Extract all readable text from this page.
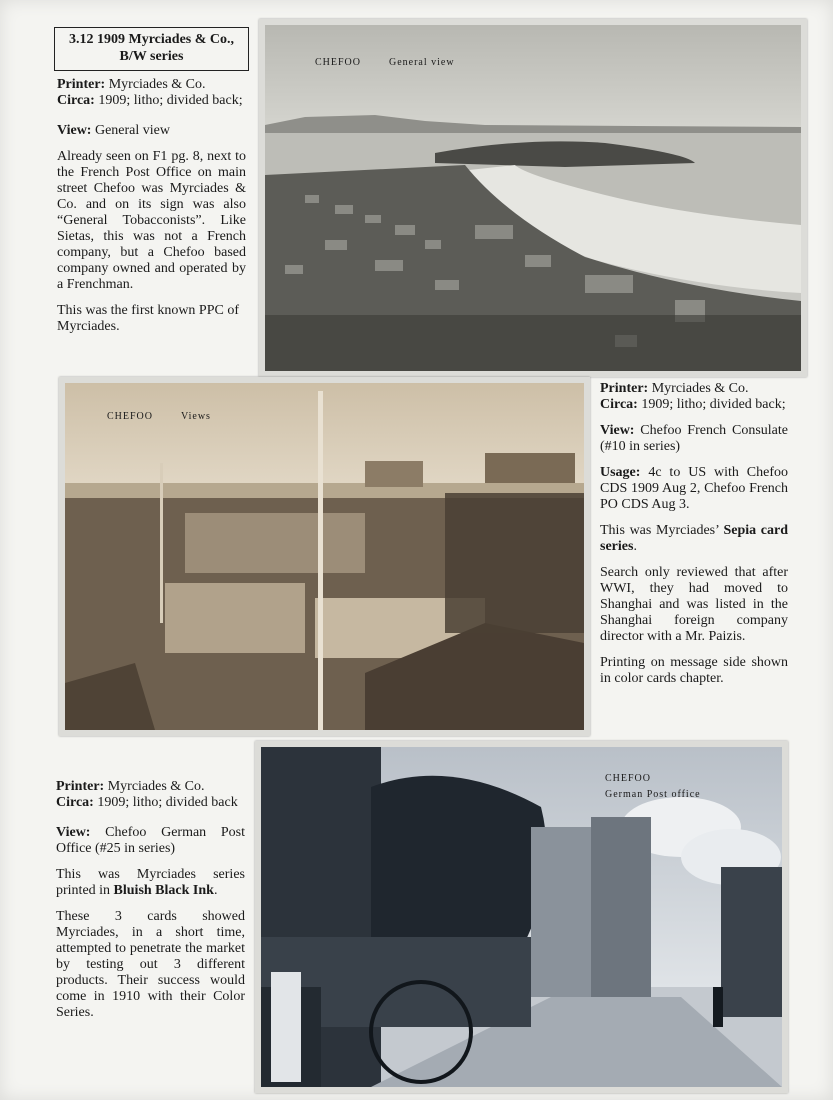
3.12 1909 Myrciades & Co.,
B/W series

Printer: Myrciades & Co.
Circa: 1909; litho; divided back;

View: General view

Already seen on F1 pg. 8, next to the French Post Office on main street Chefoo was Myrciades & Co. and on its sign was also “General Tobacconists”. Like Sietas, this was not a French company, but a Chefoo based company owned and operated by a Frenchman.

This was the first known PPC of Myrciades.

CHEFOO	General view
CHEFOO	Views

Printer: Myrciades & Co.
Circa: 1909; litho; divided back;

View: Chefoo French Consulate (#10 in series)

Usage: 4c to US with Chefoo CDS 1909 Aug 2, Chefoo French PO CDS Aug 3.

This was Myrciades’ Sepia card series.

Search only reviewed that after WWI, they had moved to Shanghai and was listed in the Shanghai foreign company director with a Mr. Paizis.

Printing on message side shown in color cards chapter.

Printer: Myrciades & Co.
Circa: 1909; litho; divided back

View: Chefoo German Post Office (#25 in series)

This was Myrciades series printed in Bluish Black Ink.

These 3 cards showed Myrciades, in a short time, attempted to penetrate the market by testing out 3 different products. Their success would come in 1910 with their Color Series.

CHEFOO
German Post office
